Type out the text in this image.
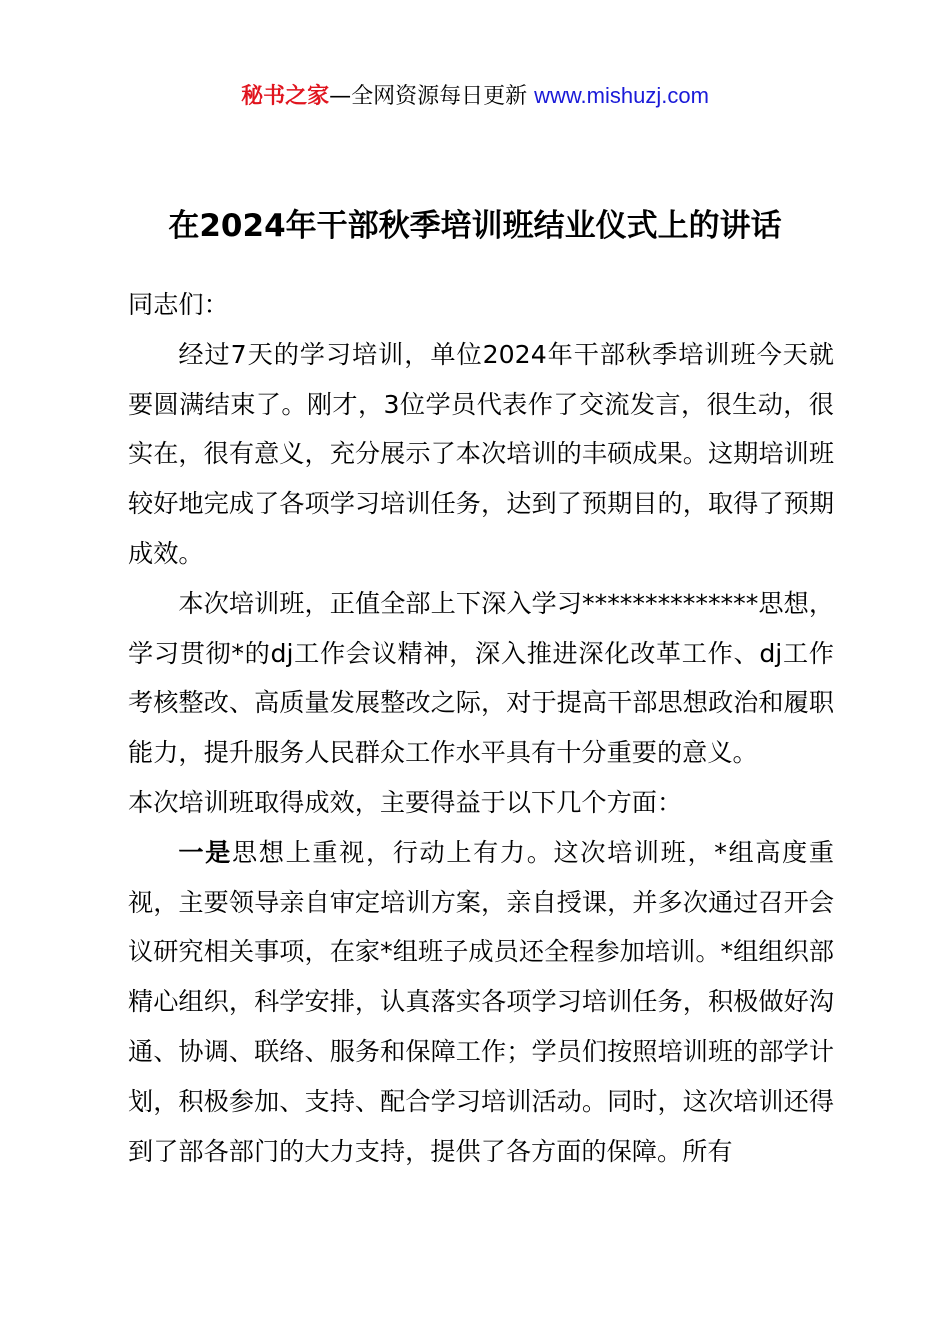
秘书之家—全网资源每日更新 www.mishuzj.com
在2024年干部秋季培训班结业仪式上的讲话

同志们：

经过7天的学习培训，单位2024年干部秋季培训班今天就要圆满结束了。刚才，3位学员代表作了交流发言，很生动，很实在，很有意义，充分展示了本次培训的丰硕成果。这期培训班较好地完成了各项学习培训任务，达到了预期目的，取得了预期成效。

本次培训班，正值全部上下深入学习**************思想，学习贯彻*的dj工作会议精神，深入推进深化改革工作、dj工作考核整改、高质量发展整改之际，对于提高干部思想政治和履职能力，提升服务人民群众工作水平具有十分重要的意义。

本次培训班取得成效，主要得益于以下几个方面：

一是思想上重视，行动上有力。这次培训班，*组高度重视，主要领导亲自审定培训方案，亲自授课，并多次通过召开会议研究相关事项，在家*组班子成员还全程参加培训。*组组织部精心组织，科学安排，认真落实各项学习培训任务，积极做好沟通、协调、联络、服务和保障工作；学员们按照培训班的部学计划，积极参加、支持、配合学习培训活动。同时，这次培训还得到了部各部门的大力支持，提供了各方面的保障。所有
